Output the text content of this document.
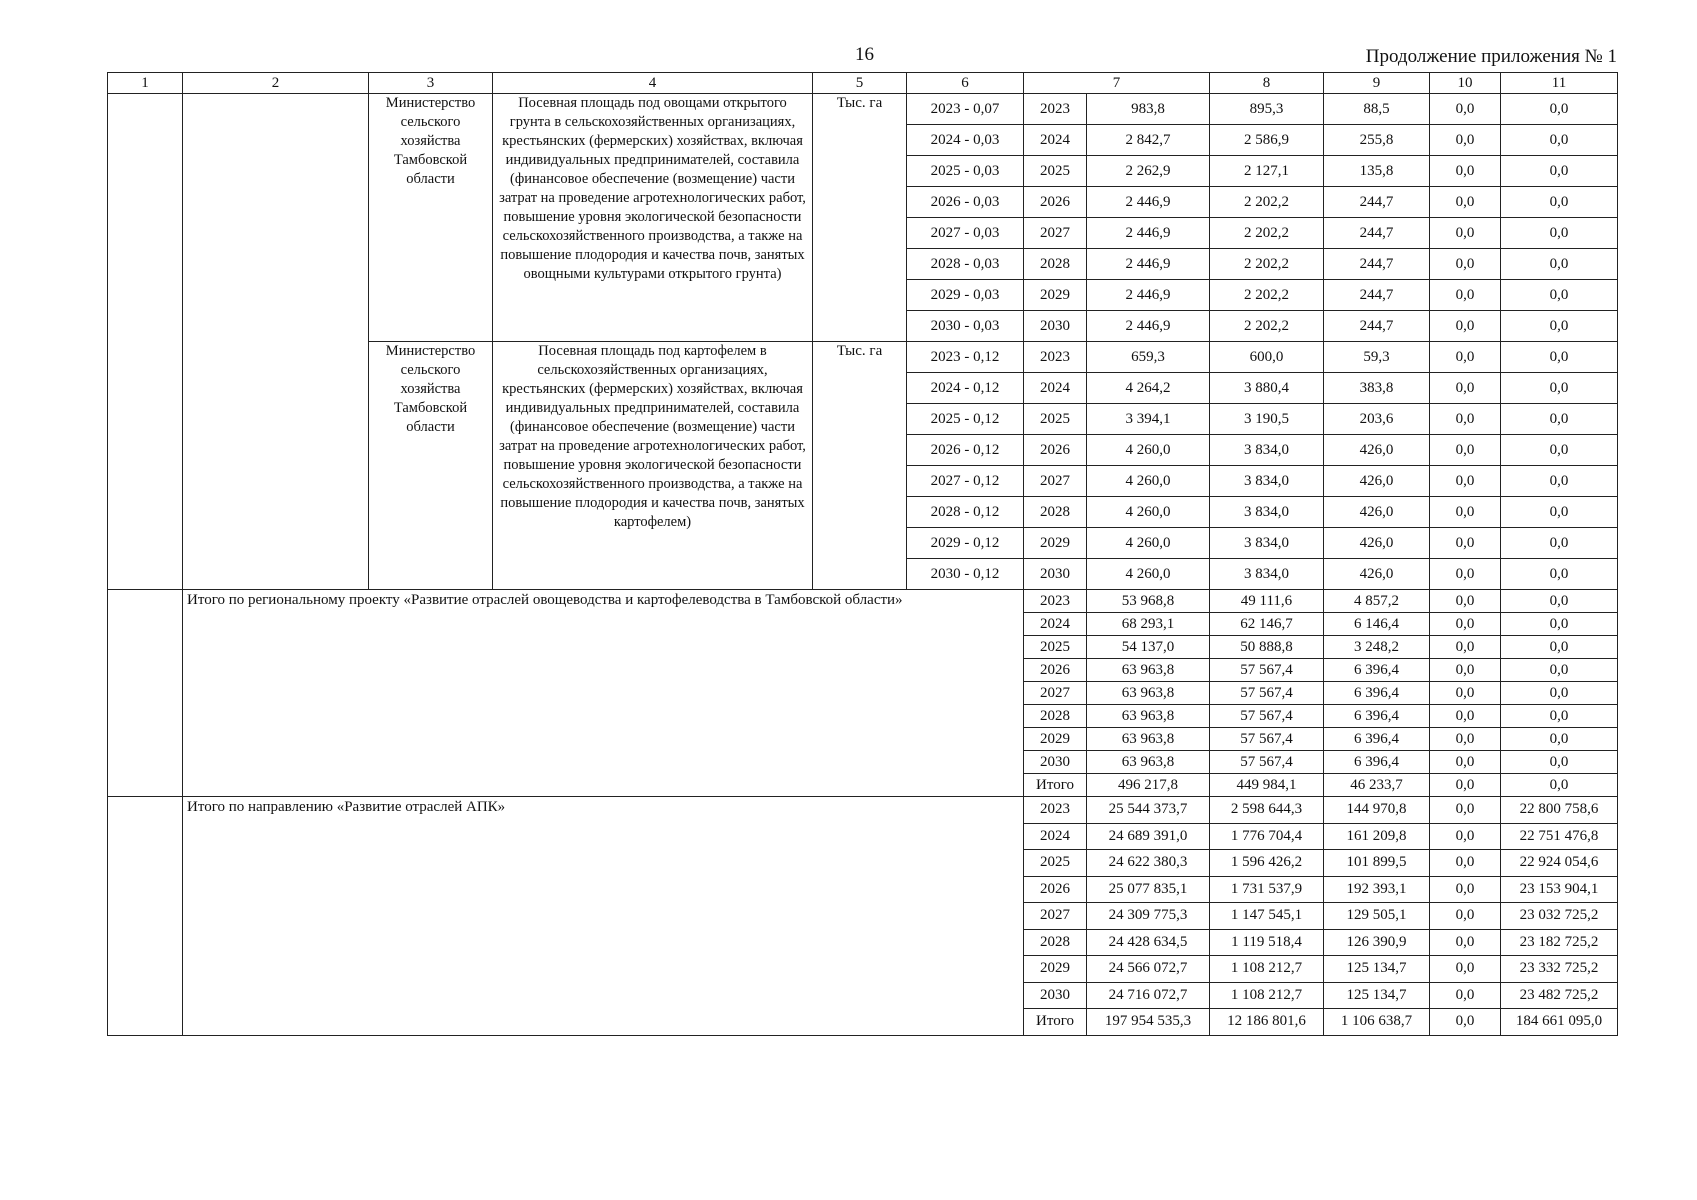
16	Продолжение приложения № 1
1	2	3	4	5	6	7		8	9	10	11
		Министерство сельского хозяйства Тамбовской области	Посевная площадь под овощами открытого грунта в сельскохозяйственных организациях, крестьянских (фермерских) хозяйствах, включая индивидуальных предпринимателей, составила (финансовое обеспечение (возмещение) части затрат на проведение агротехнологических работ, повышение уровня экологической безопасности сельскохозяйственного производства, а также на повышение плодородия и качества почв, занятых овощными культурами открытого грунта)	Тыс. га	2023 - 0,07	2023	983,8	895,3	88,5	0,0	0,0
					2024 - 0,03	2024	2 842,7	2 586,9	255,8	0,0	0,0
					2025 - 0,03	2025	2 262,9	2 127,1	135,8	0,0	0,0
					2026 - 0,03	2026	2 446,9	2 202,2	244,7	0,0	0,0
					2027 - 0,03	2027	2 446,9	2 202,2	244,7	0,0	0,0
					2028 - 0,03	2028	2 446,9	2 202,2	244,7	0,0	0,0
					2029 - 0,03	2029	2 446,9	2 202,2	244,7	0,0	0,0
					2030 - 0,03	2030	2 446,9	2 202,2	244,7	0,0	0,0
		Министерство сельского хозяйства Тамбовской области	Посевная площадь под картофелем в сельскохозяйственных организациях, крестьянских (фермерских) хозяйствах, включая индивидуальных предпринимателей, составила (финансовое обеспечение (возмещение) части затрат на проведение агротехнологических работ, повышение уровня экологической безопасности сельскохозяйственного производства, а также на повышение плодородия и качества почв, занятых картофелем)	Тыс. га	2023 - 0,12	2023	659,3	600,0	59,3	0,0	0,0
					2024 - 0,12	2024	4 264,2	3 880,4	383,8	0,0	0,0
					2025 - 0,12	2025	3 394,1	3 190,5	203,6	0,0	0,0
					2026 - 0,12	2026	4 260,0	3 834,0	426,0	0,0	0,0
					2027 - 0,12	2027	4 260,0	3 834,0	426,0	0,0	0,0
					2028 - 0,12	2028	4 260,0	3 834,0	426,0	0,0	0,0
					2029 - 0,12	2029	4 260,0	3 834,0	426,0	0,0	0,0
					2030 - 0,12	2030	4 260,0	3 834,0	426,0	0,0	0,0
	Итого по региональному проекту «Развитие отраслей овощеводства и картофелеводства в Тамбовской области»					2023	53 968,8	49 111,6	4 857,2	0,0	0,0
						2024	68 293,1	62 146,7	6 146,4	0,0	0,0
						2025	54 137,0	50 888,8	3 248,2	0,0	0,0
						2026	63 963,8	57 567,4	6 396,4	0,0	0,0
						2027	63 963,8	57 567,4	6 396,4	0,0	0,0
						2028	63 963,8	57 567,4	6 396,4	0,0	0,0
						2029	63 963,8	57 567,4	6 396,4	0,0	0,0
						2030	63 963,8	57 567,4	6 396,4	0,0	0,0
						Итого	496 217,8	449 984,1	46 233,7	0,0	0,0
	Итого по направлению «Развитие отраслей АПК»					2023	25 544 373,7	2 598 644,3	144 970,8	0,0	22 800 758,6
						2024	24 689 391,0	1 776 704,4	161 209,8	0,0	22 751 476,8
						2025	24 622 380,3	1 596 426,2	101 899,5	0,0	22 924 054,6
						2026	25 077 835,1	1 731 537,9	192 393,1	0,0	23 153 904,1
						2027	24 309 775,3	1 147 545,1	129 505,1	0,0	23 032 725,2
						2028	24 428 634,5	1 119 518,4	126 390,9	0,0	23 182 725,2
						2029	24 566 072,7	1 108 212,7	125 134,7	0,0	23 332 725,2
						2030	24 716 072,7	1 108 212,7	125 134,7	0,0	23 482 725,2
						Итого	197 954 535,3	12 186 801,6	1 106 638,7	0,0	184 661 095,0
